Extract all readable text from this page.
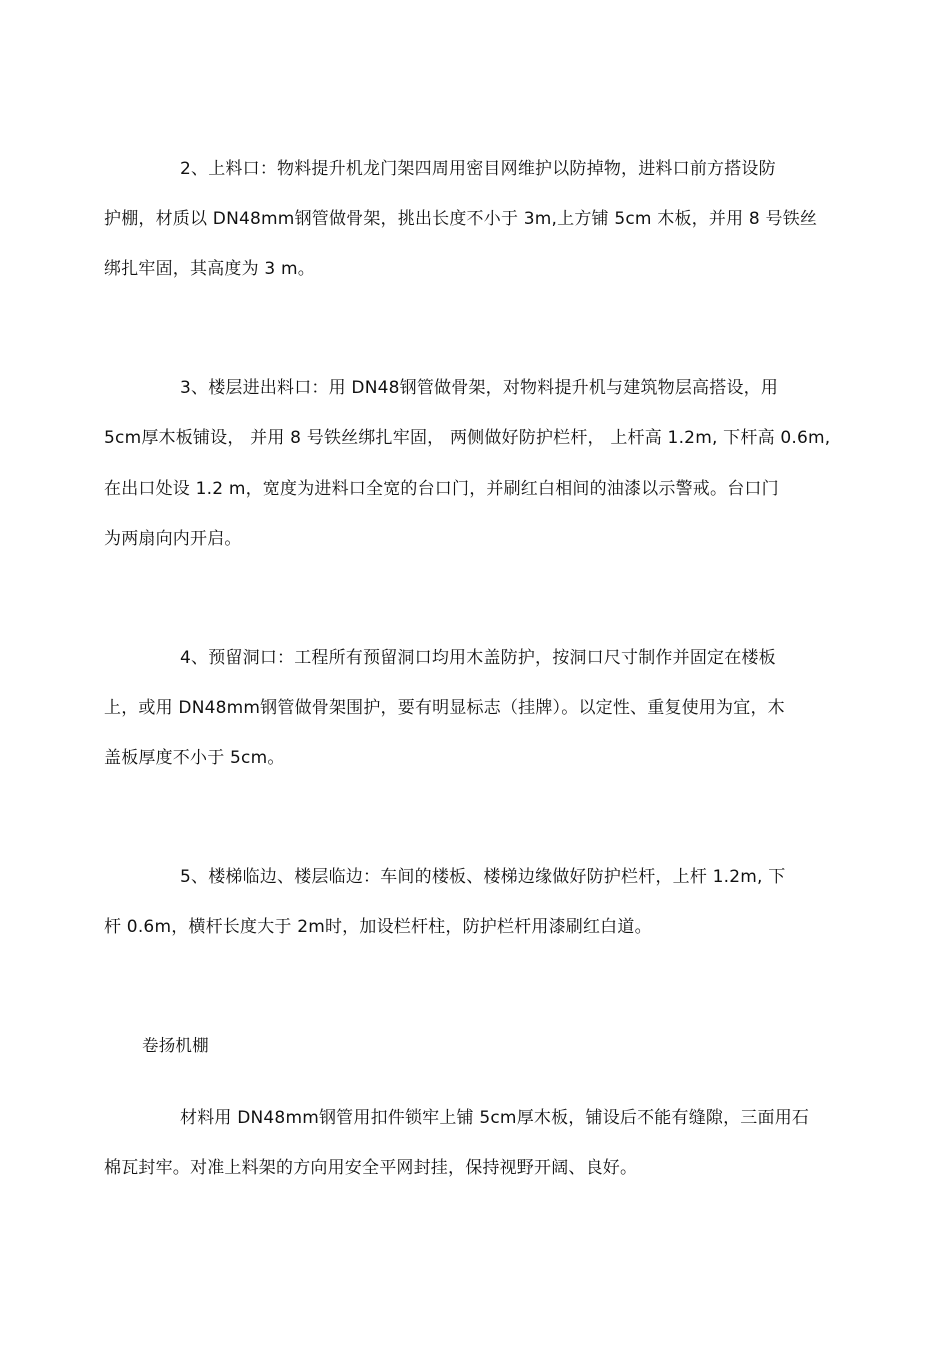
2、上料口：物料提升机龙门架四周用密目网维护以防掉物，进料口前方搭设防
护棚，材质以 DN48mm钢管做骨架，挑出长度不小于 3m,上方铺 5cm 木板，并用 8 号铁丝
绑扎牢固，其高度为 3 m。
3、楼层进出料口：用 DN48钢管做骨架，对物料提升机与建筑物层高搭设，用
5cm厚木板铺设， 并用 8 号铁丝绑扎牢固， 两侧做好防护栏杆， 上杆高 1.2m, 下杆高 0.6m,
在出口处设 1.2 m，宽度为进料口全宽的台口门，并刷红白相间的油漆以示警戒。台口门
为两扇向内开启。
4、预留洞口：工程所有预留洞口均用木盖防护，按洞口尺寸制作并固定在楼板
上，或用 DN48mm钢管做骨架围护，要有明显标志（挂牌）。以定性、重复使用为宜，木
盖板厚度不小于 5cm。
5、楼梯临边、楼层临边：车间的楼板、楼梯边缘做好防护栏杆，上杆 1.2m, 下
杆 0.6m，横杆长度大于 2m时，加设栏杆柱，防护栏杆用漆刷红白道。
卷扬机棚
材料用 DN48mm钢管用扣件锁牢上铺 5cm厚木板，铺设后不能有缝隙，三面用石
棉瓦封牢。对准上料架的方向用安全平网封挂，保持视野开阔、良好。
